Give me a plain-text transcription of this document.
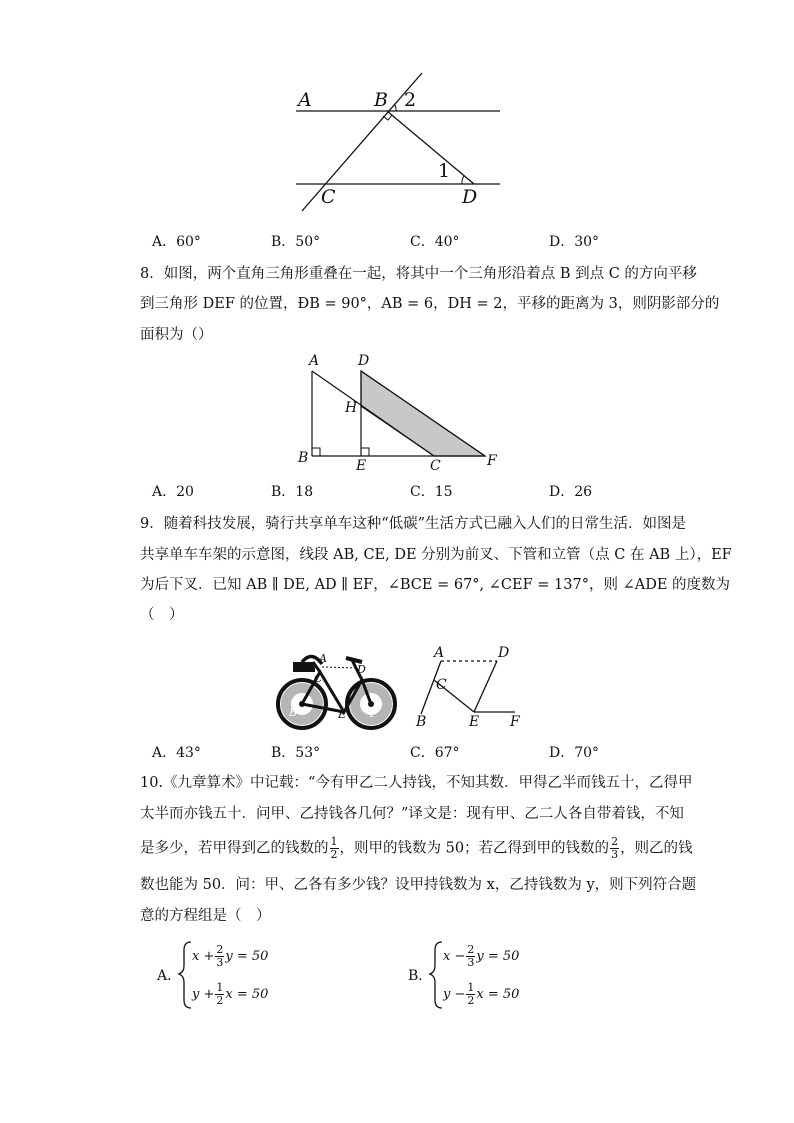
A	B 2
C
1
D
A．60°	B．50°	C．40°	D．30°
8．如图，两个直角三角形重叠在一起，将其中一个三角形沿着点 B 到点 C 的方向平移
到三角形 DEF 的位置，ÐB = 90°，AB = 6，DH = 2，平移的距离为 3，则阴影部分的
面积为（）
A	D
H
B	E	C	F
A．20	B．18	C．15	D．26
9．随着科技发展，骑行共享单车这种“低碳”生活方式已融入人们的日常生活．如图是
共享单车车架的示意图，线段 AB, CE, DE 分别为前叉、下管和立管（点 C 在 AB 上），EF
为后下叉．已知 AB ∥ DE, AD ∥ EF，∠BCE = 67°, ∠CEF = 137°，则 ∠ADE 的度数为
（　）
A
D
C
B	E F
A	D
C
B	E F
A．43°	B．53°	C．67°	D．70°
10.《九章算术》中记载：“今有甲乙二人持钱，不知其数．甲得乙半而钱五十，乙得甲
太半而亦钱五十．问甲、乙持钱各几何？”译文是：现有甲、乙二人各自带着钱，不知
是多少，若甲得到乙的钱数的 $\frac{1}{2}$ ，则甲的钱数为 50；若乙得到甲的钱数的 $\frac{2}{3}$ ，则乙的钱
数也能为 50．问：甲、乙各有多少钱？设甲持钱数为 x，乙持钱数为 y，则下列符合题
意的方程组是（　）
A．
$x + \frac{2}{3}$ y = 50
$y + \frac{1}{2}$ x = 50
B．
$x - \frac{2}{3}$ y = 50
$y - \frac{1}{2}$ x = 50
